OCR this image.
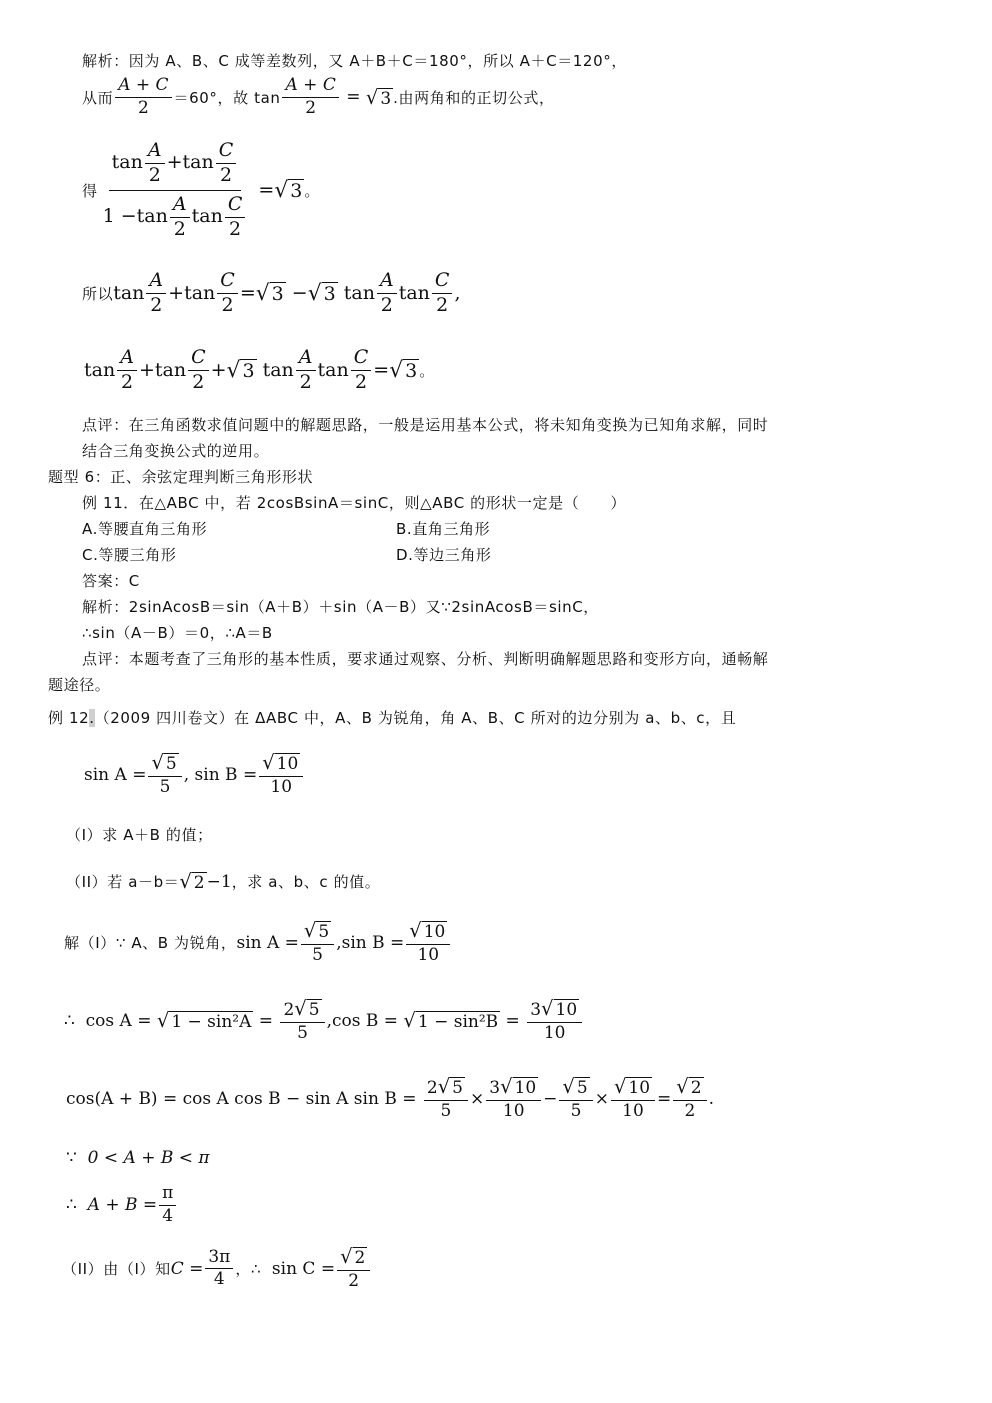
解析：因为 A、B、C 成等差数列，又 A＋B＋C＝180°，所以 A＋C＝120°，
从而 $\frac{A + C}{2} =60^\circ$，故 $\tan \frac{A + C}{2}$ = √ 3 .由两角和的正切公式，
得 $\frac{\tan \frac{A}{2} + \tan \frac{C}{2}}{1 - \tan \frac{A}{2} \tan \frac{C}{2}}$ = √ 3 。
所以 $\tan \frac{A}{2} + \tan \frac{C}{2}$ = √ 3 − √ 3
$\tan \frac{A}{2}$ $\tan \frac{C}{2}$ ,
$\tan \frac{A}{2} + \tan \frac{C}{2}$ + √ 3
$\tan \frac{A}{2}$ $\tan \frac{C}{2}$ = √ 3 。
点评：在三角函数求值问题中的解题思路，一般是运用基本公式，将未知角变换为已知角求解，同时
结合三角变换公式的逆用。
题型 6：正、余弦定理判断三角形形状
例 11．在△ABC 中，若 2cosBsinA＝sinC，则△ABC 的形状一定是（　　）
A.等腰直角三角形	B.直角三角形
C.等腰三角形	D.等边三角形
答案：C
解析：2sinAcosB＝sin（A＋B）＋sin（A－B）又∵2sinAcosB＝sinC，
∴sin（A－B）＝0，∴A＝B
点评：本题考查了三角形的基本性质，要求通过观察、分析、判断明确解题思路和变形方向，通畅解
题途径。
例 12.（2009 四川卷文）在 ΔABC 中，A、B 为锐角，角 A、B、C 所对的边分别为 a、b、c，且
$\sin A = \frac{√ 5}{5}$ ,
$\sin B = \frac{√ 10}{10}$
（I）求 A＋B 的值；
（II）若 a－b＝ √ 2 −1 ，求 a、b、c 的值。
解（I）∵ A、B 为锐角， $\sin A = \frac{√ 5}{5}$ , $\sin B = \frac{√ 10}{10}$
∴
cos A =
√ $1 - \sin^2A = \frac{2√ 5}{5}$ , cos B =
√ $1 - \sin^2B = \frac{3√ 10}{10}$
cos(A + B) = cos A cos B − sin A sin B =
$\frac{2√ 5}{5} \times \frac{3√ 10}{10} - \frac{√ 5}{5} \times \frac{√ 10}{10} = \frac{√ 2}{2}$ .
∵
0 < A + B < π
∴
$A + B = \frac{\pi}{4}$
（II）由（I）知 $C = \frac{3\pi}{4}$ ，∴
$\sin C = \frac{√ 2}{2}$
